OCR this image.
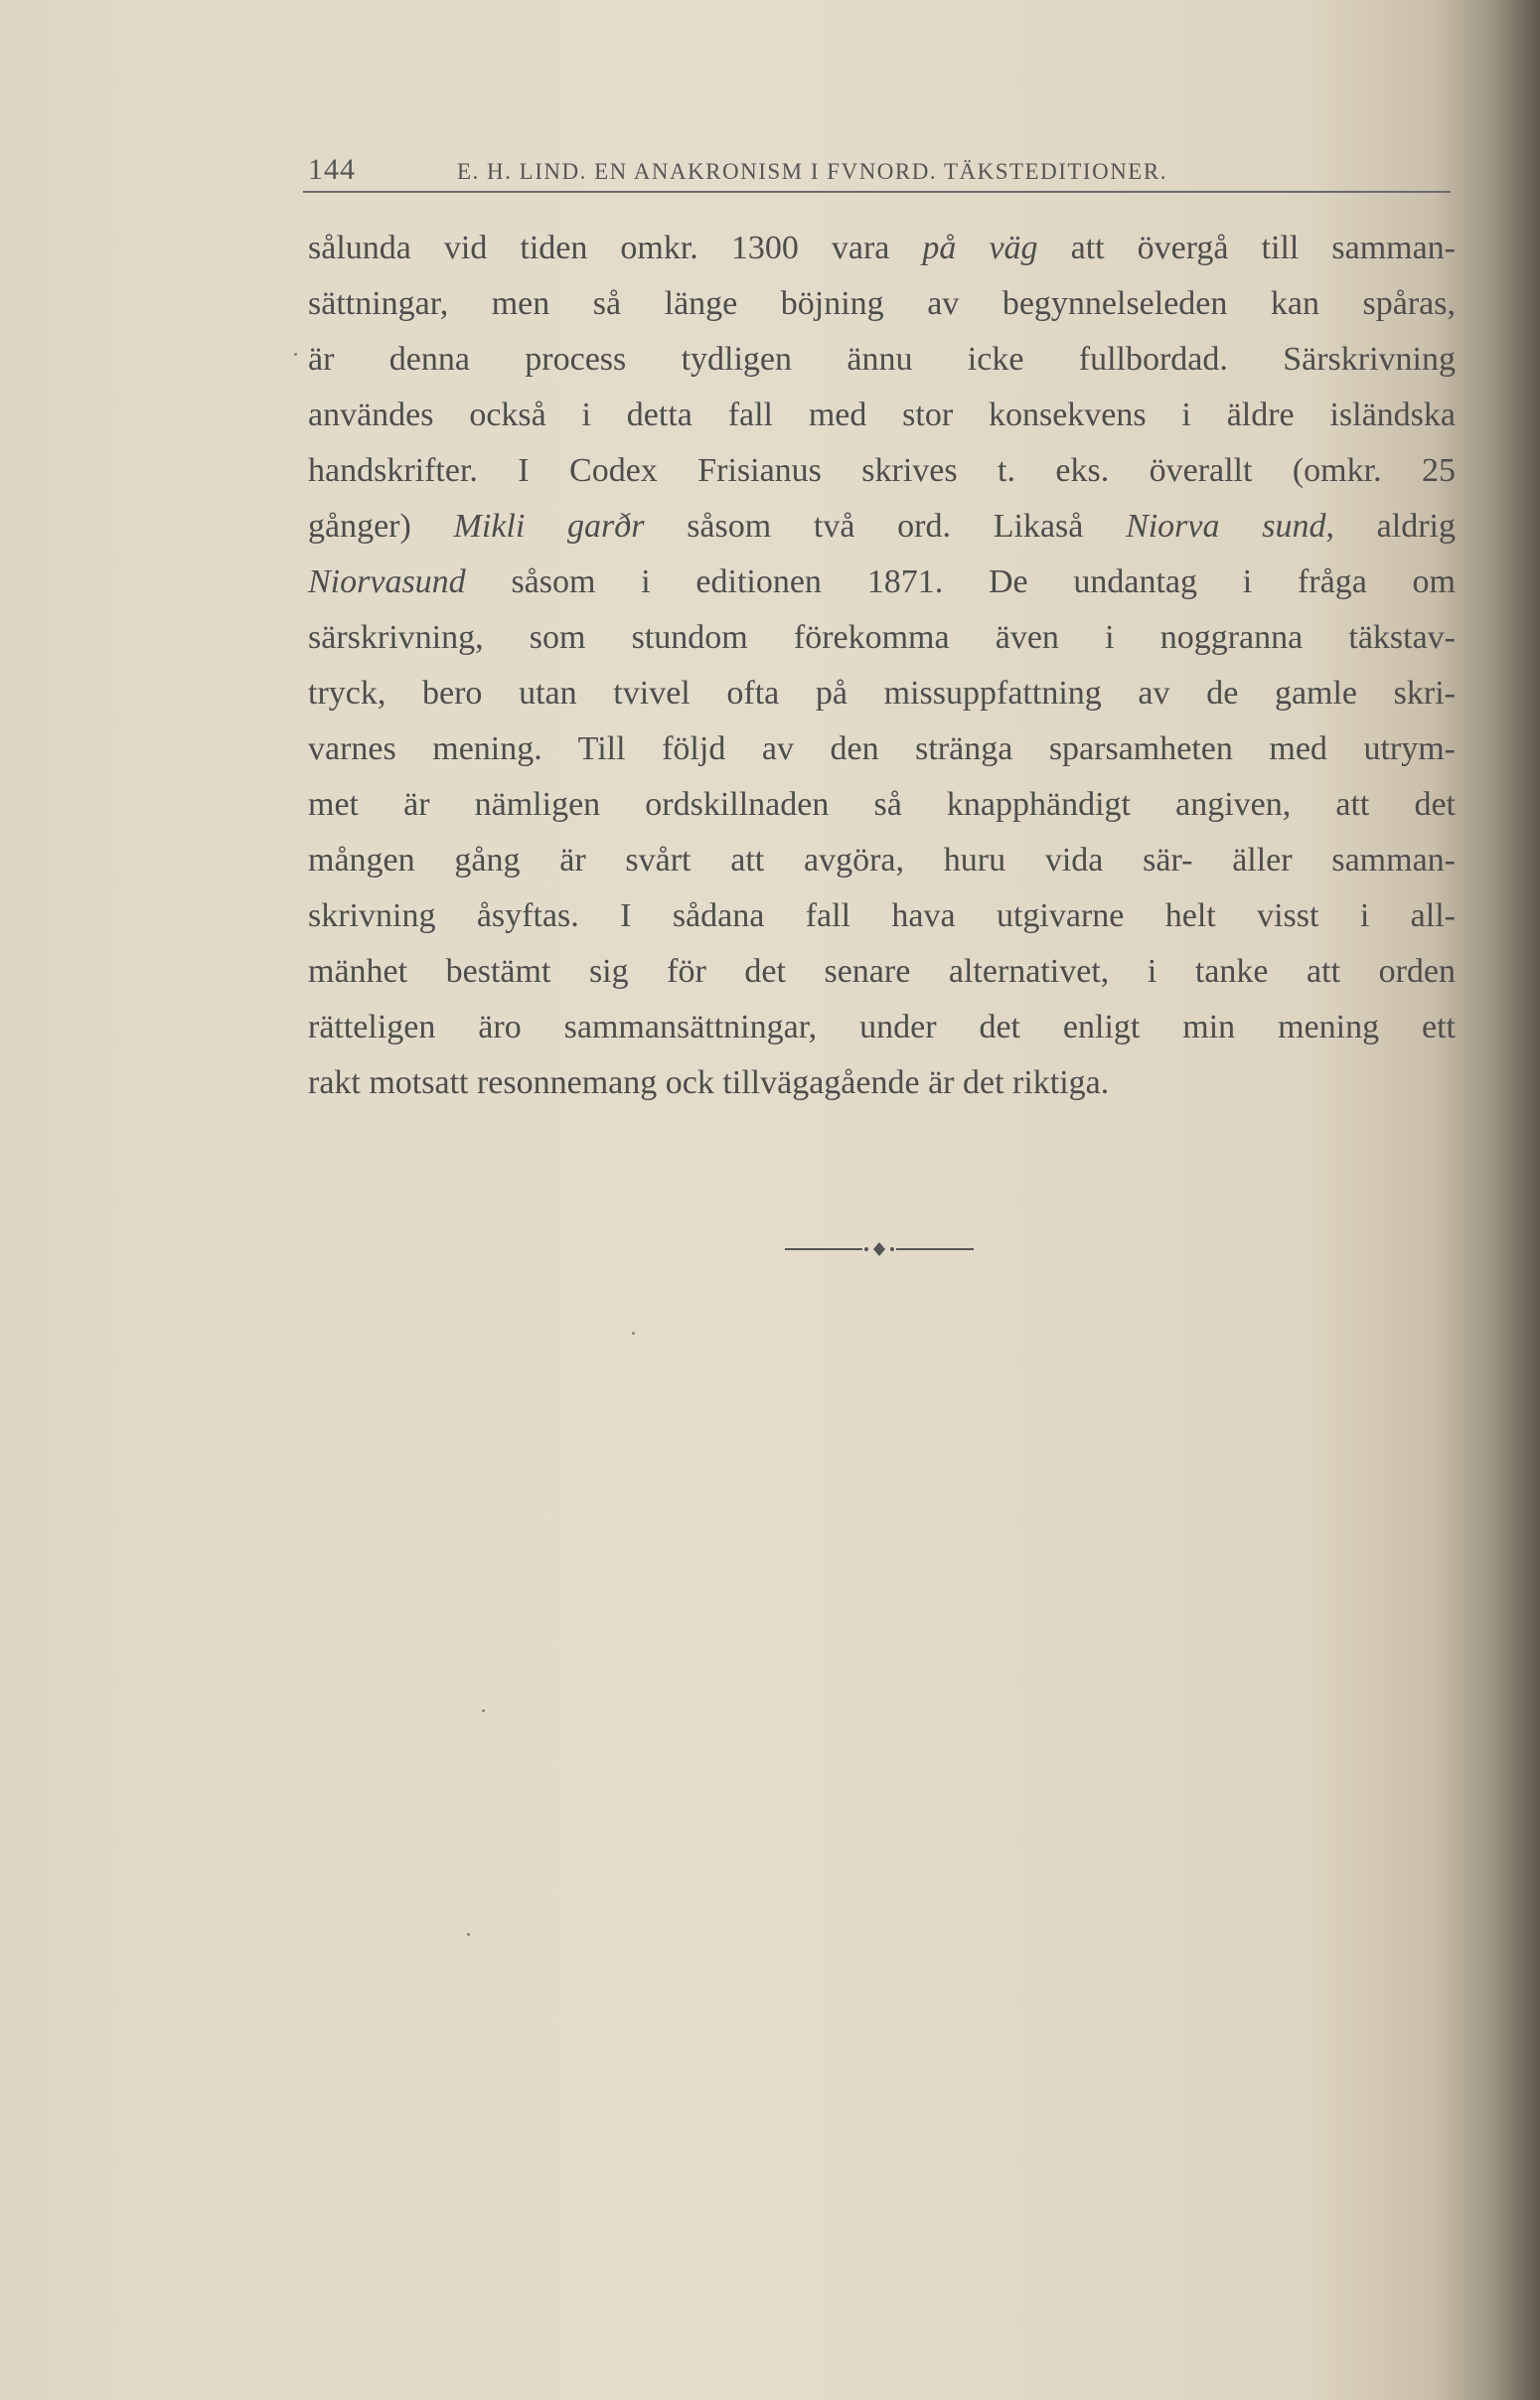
144	E. H. LIND. EN ANAKRONISM I FVNORD. TÄKSTEDITIONER.
sålunda vid tiden omkr. 1300 vara på väg att övergå till samman-
sättningar, men så länge böjning av begynnelseleden kan spåras,
är denna process tydligen ännu icke fullbordad. Särskrivning
användes också i detta fall med stor konsekvens i äldre isländska
handskrifter. I Codex Frisianus skrives t. eks. överallt (omkr. 25
gånger) Mikli garðr såsom två ord. Likaså Niorva sund, aldrig
Niorvasund såsom i editionen 1871. De undantag i fråga om
särskrivning, som stundom förekomma även i noggranna täkstav-
tryck, bero utan tvivel ofta på missuppfattning av de gamle skri-
varnes mening. Till följd av den stränga sparsamheten med utrym-
met är nämligen ordskillnaden så knapphändigt angiven, att det
mången gång är svårt att avgöra, huru vida sär- äller samman-
skrivning åsyftas. I sådana fall hava utgivarne helt visst i all-
mänhet bestämt sig för det senare alternativet, i tanke att orden
rätteligen äro sammansättningar, under det enligt min mening ett
rakt motsatt resonnemang ock tillvägagående är det riktiga.
